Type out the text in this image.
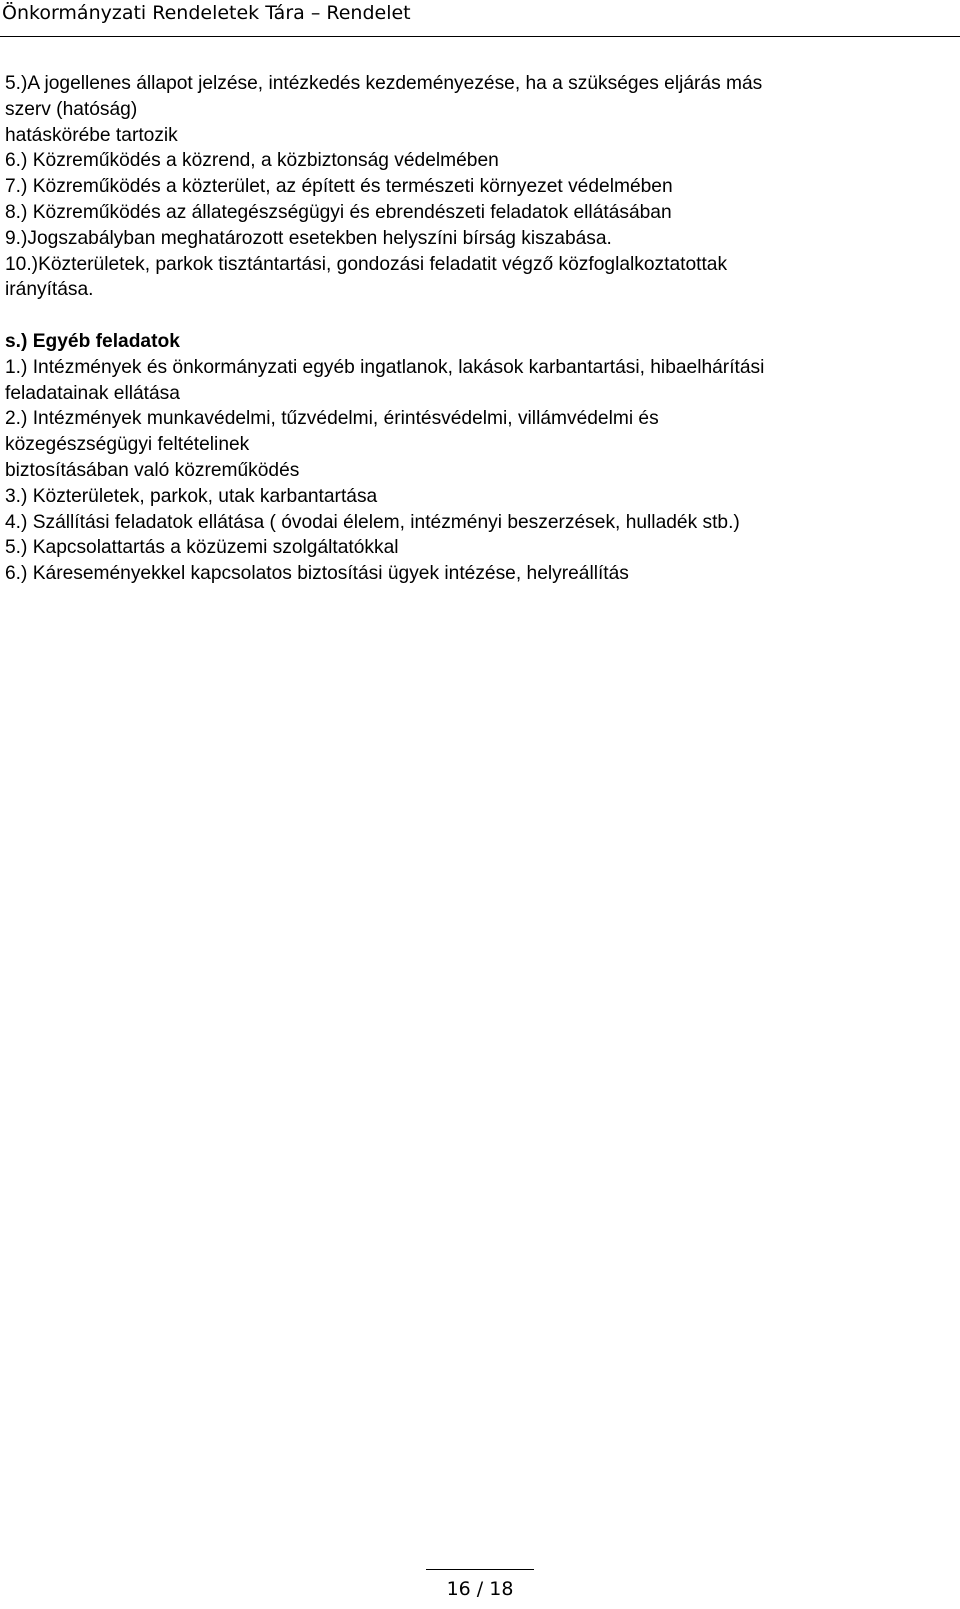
Önkormányzati Rendeletek Tára – Rendelet

5.)A jogellenes állapot jelzése, intézkedés kezdeményezése, ha a szükséges eljárás más

szerv (hatóság)

hatáskörébe tartozik

6.) Közreműködés a közrend, a közbiztonság védelmében

7.) Közreműködés a közterület, az épített és természeti környezet védelmében

8.) Közreműködés az állategészségügyi és ebrendészeti feladatok ellátásában

9.)Jogszabályban meghatározott esetekben helyszíni bírság kiszabása.

10.)Közterületek, parkok tisztántartási, gondozási feladatit végző közfoglalkoztatottak

irányítása.

s.) Egyéb feladatok

1.) Intézmények és önkormányzati egyéb ingatlanok, lakások karbantartási, hibaelhárítási

feladatainak ellátása

2.) Intézmények munkavédelmi, tűzvédelmi, érintésvédelmi, villámvédelmi és

közegészségügyi feltételinek

biztosításában való közreműködés

3.) Közterületek, parkok, utak karbantartása

4.) Szállítási feladatok ellátása ( óvodai élelem, intézményi beszerzések, hulladék stb.)

5.) Kapcsolattartás a közüzemi szolgáltatókkal

6.) Káreseményekkel kapcsolatos biztosítási ügyek intézése, helyreállítás

16 / 18
